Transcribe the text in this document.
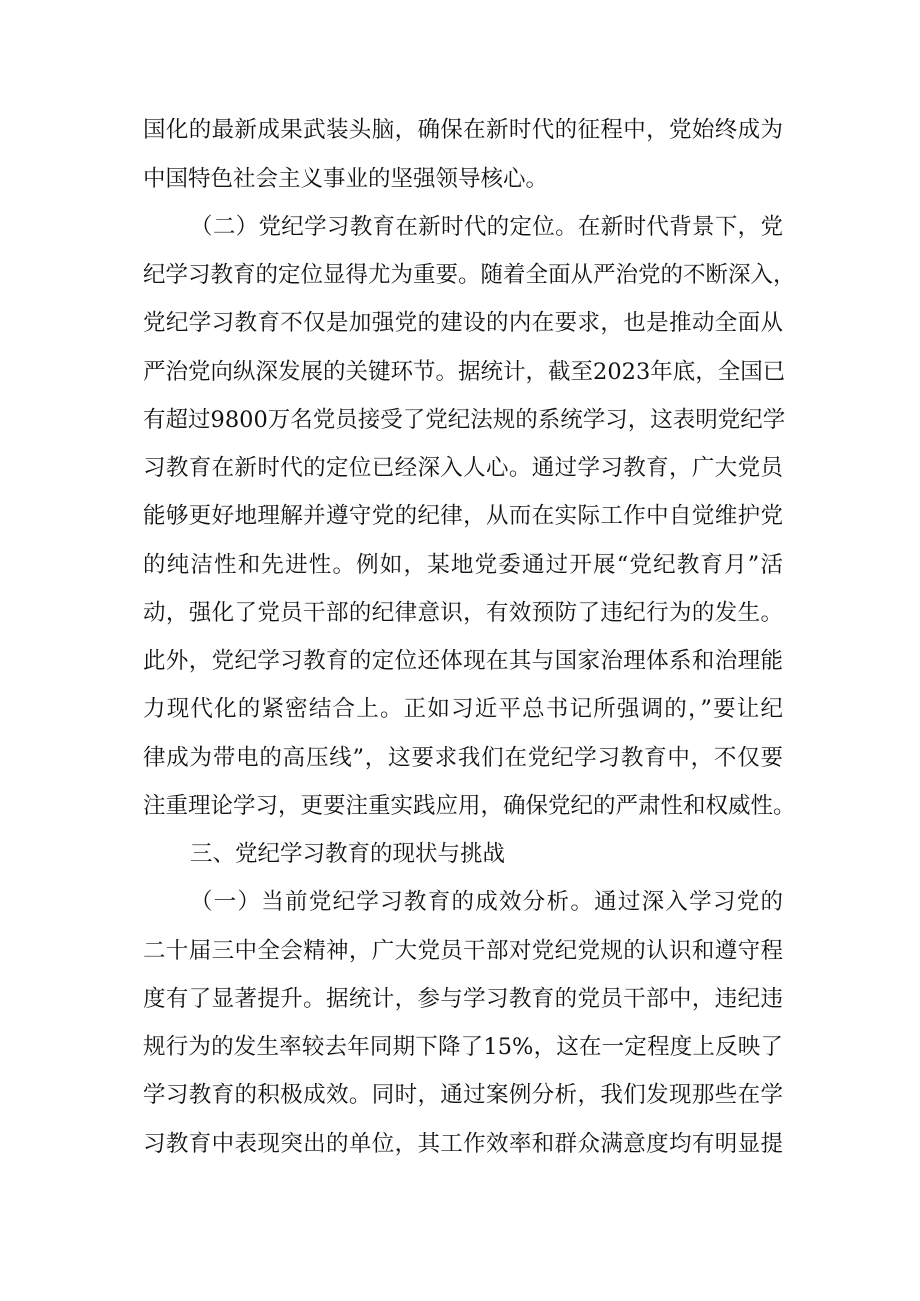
国化的最新成果武装头脑，确保在新时代的征程中，党始终成为
中国特色社会主义事业的坚强领导核心。
（二）党纪学习教育在新时代的定位。在新时代背景下，党
纪学习教育的定位显得尤为重要。随着全面从严治党的不断深入，
党纪学习教育不仅是加强党的建设的内在要求，也是推动全面从
严治党向纵深发展的关键环节。据统计，截至2023年底，全国已
有超过9800万名党员接受了党纪法规的系统学习，这表明党纪学
习教育在新时代的定位已经深入人心。通过学习教育，广大党员
能够更好地理解并遵守党的纪律，从而在实际工作中自觉维护党
的纯洁性和先进性。例如，某地党委通过开展“党纪教育月”活
动，强化了党员干部的纪律意识，有效预防了违纪行为的发生。
此外，党纪学习教育的定位还体现在其与国家治理体系和治理能
力现代化的紧密结合上。正如习近平总书记所强调的，”要让纪
律成为带电的高压线”，这要求我们在党纪学习教育中，不仅要
注重理论学习，更要注重实践应用，确保党纪的严肃性和权威性。
三、党纪学习教育的现状与挑战
（一）当前党纪学习教育的成效分析。通过深入学习党的
二十届三中全会精神，广大党员干部对党纪党规的认识和遵守程
度有了显著提升。据统计，参与学习教育的党员干部中，违纪违
规行为的发生率较去年同期下降了15%，这在一定程度上反映了
学习教育的积极成效。同时，通过案例分析，我们发现那些在学
习教育中表现突出的单位，其工作效率和群众满意度均有明显提
